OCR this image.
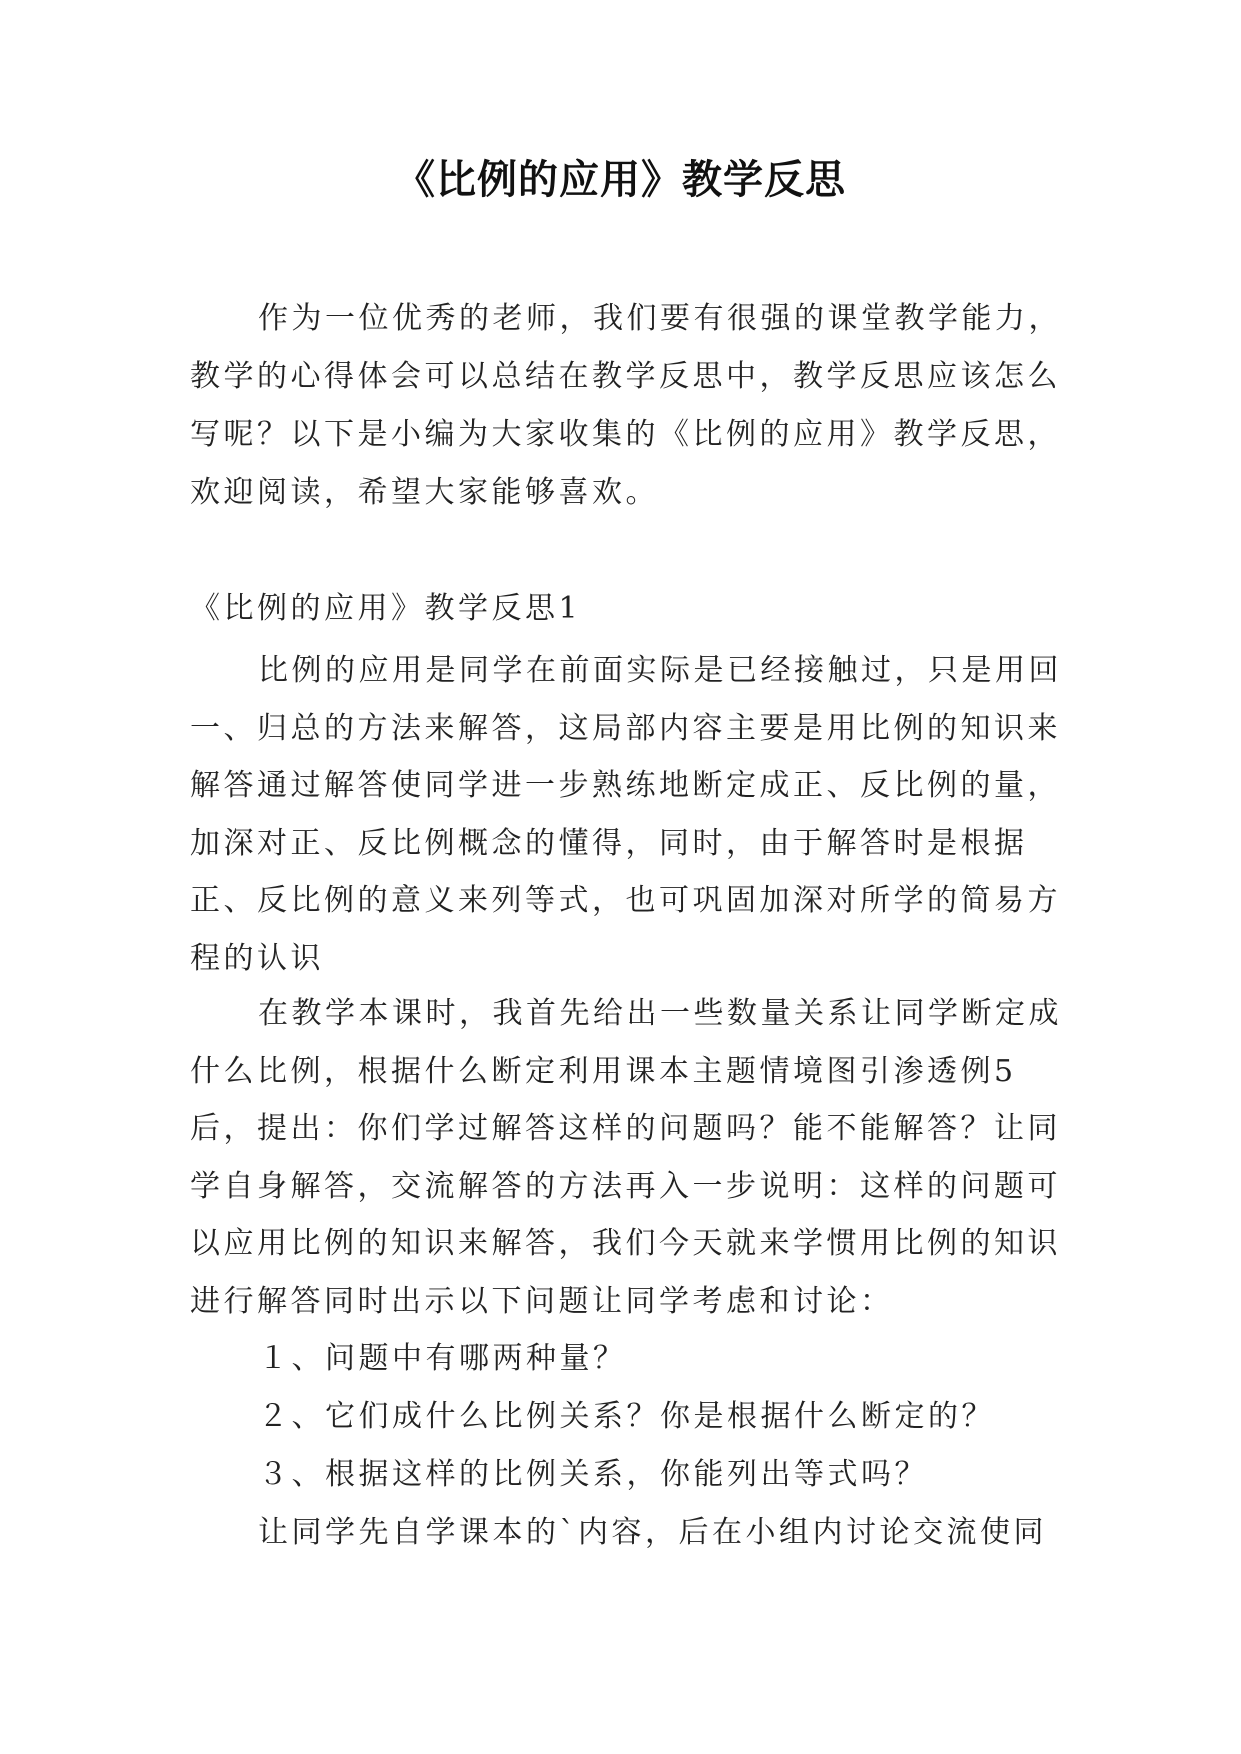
《比例的应用》教学反思

作为一位优秀的老师，我们要有很强的课堂教学能力，教学的心得体会可以总结在教学反思中，教学反思应该怎么写呢？以下是小编为大家收集的《比例的应用》教学反思，欢迎阅读，希望大家能够喜欢。

《比例的应用》教学反思1

比例的应用是同学在前面实际是已经接触过，只是用回一、归总的方法来解答，这局部内容主要是用比例的知识来解答通过解答使同学进一步熟练地断定成正、反比例的量，加深对正、反比例概念的懂得，同时，由于解答时是根据正、反比例的意义来列等式，也可巩固加深对所学的简易方程的认识

在教学本课时，我首先给出一些数量关系让同学断定成什么比例，根据什么断定利用课本主题情境图引渗透例5后，提出：你们学过解答这样的问题吗？能不能解答？让同学自身解答，交流解答的方法再入一步说明：这样的问题可以应用比例的知识来解答，我们今天就来学惯用比例的知识进行解答同时出示以下问题让同学考虑和讨论：

１、问题中有哪两种量？
２、它们成什么比例关系？你是根据什么断定的？
３、根据这样的比例关系，你能列出等式吗？

让同学先自学课本的`内容，后在小组内讨论交流使同
